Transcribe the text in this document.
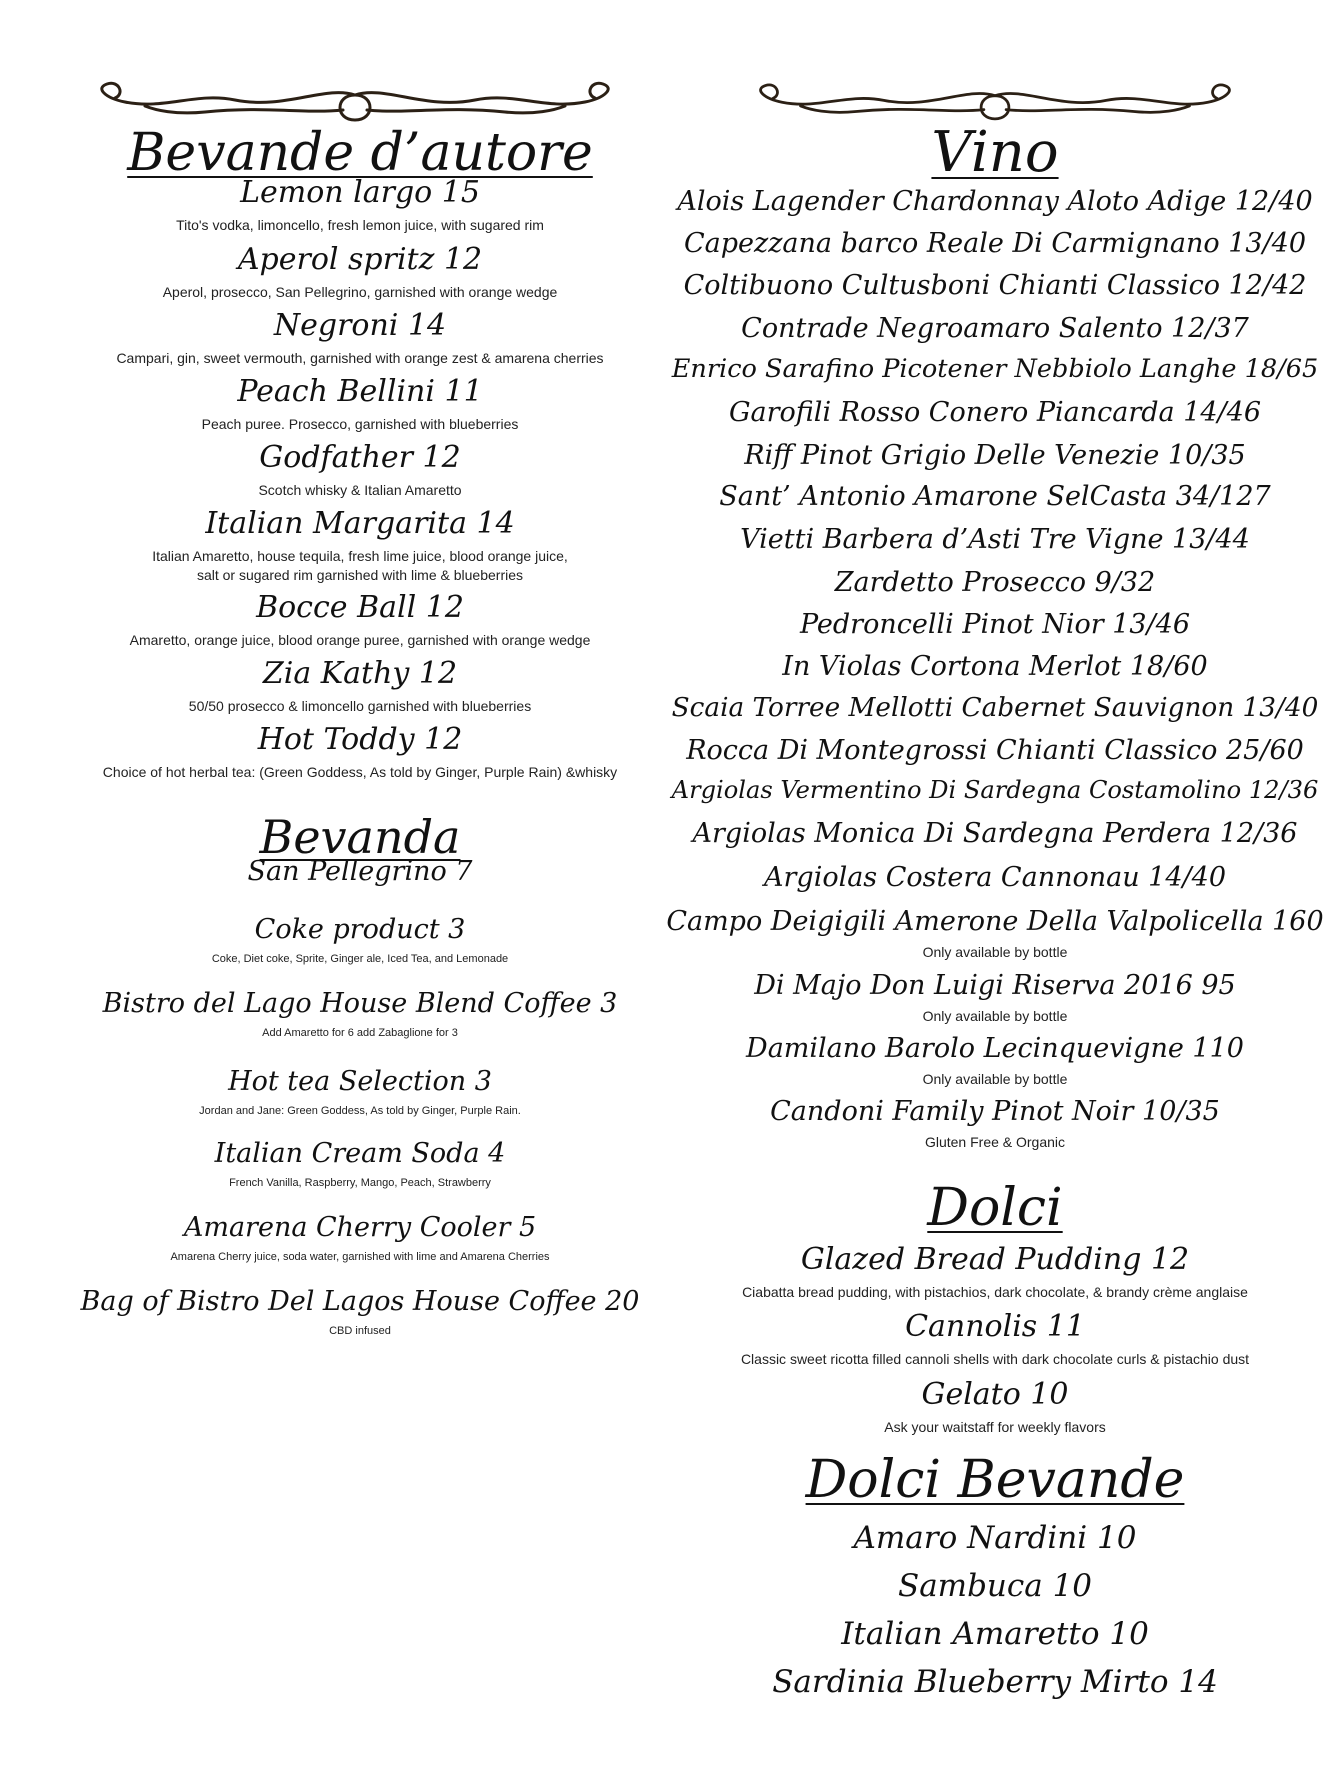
Bevande d’autore
Lemon largo 15
Tito's vodka, limoncello, fresh lemon juice, with sugared rim
Aperol spritz 12
Aperol, prosecco, San Pellegrino, garnished with orange wedge
Negroni 14
Campari, gin, sweet vermouth, garnished with orange zest & amarena cherries
Peach Bellini 11
Peach puree. Prosecco, garnished with blueberries
Godfather 12
Scotch whisky & Italian Amaretto
Italian Margarita 14
Italian Amaretto, house tequila, fresh lime juice, blood orange juice,
salt or sugared rim garnished with lime & blueberries
Bocce Ball 12
Amaretto, orange juice, blood orange puree, garnished with orange wedge
Zia Kathy 12
50/50 prosecco & limoncello garnished with blueberries
Hot Toddy 12
Choice of hot herbal tea: (Green Goddess, As told by Ginger, Purple Rain) &whisky
Bevanda
San Pellegrino 7
Coke product 3
Coke, Diet coke, Sprite, Ginger ale, Iced Tea, and Lemonade
Bistro del Lago House Blend Coffee 3
Add Amaretto for 6 add Zabaglione for 3
Hot tea Selection 3
Jordan and Jane: Green Goddess, As told by Ginger, Purple Rain.
Italian Cream Soda 4
French Vanilla, Raspberry, Mango, Peach, Strawberry
Amarena Cherry Cooler 5
Amarena Cherry juice, soda water, garnished with lime and Amarena Cherries
Bag of Bistro Del Lagos House Coffee 20
CBD infused
Vino
Alois Lagender Chardonnay Aloto Adige 12/40
Capezzana barco Reale Di Carmignano 13/40
Coltibuono Cultusboni Chianti Classico 12/42
Contrade Negroamaro Salento 12/37
Enrico Sarafino Picotener Nebbiolo Langhe 18/65
Garofili Rosso Conero Piancarda 14/46
Riff Pinot Grigio Delle Venezie 10/35
Sant’ Antonio Amarone SelCasta 34/127
Vietti Barbera d’Asti Tre Vigne 13/44
Zardetto Prosecco 9/32
Pedroncelli Pinot Nior 13/46
In Violas Cortona Merlot 18/60
Scaia Torree Mellotti Cabernet Sauvignon 13/40
Rocca Di Montegrossi Chianti Classico 25/60
Argiolas Vermentino Di Sardegna Costamolino 12/36
Argiolas Monica Di Sardegna Perdera 12/36
Argiolas Costera Cannonau 14/40
Campo Deigigili Amerone Della Valpolicella 160
Only available by bottle
Di Majo Don Luigi Riserva 2016 95
Only available by bottle
Damilano Barolo Lecinquevigne 110
Only available by bottle
Candoni Family Pinot Noir 10/35
Gluten Free & Organic
Dolci
Glazed Bread Pudding 12
Ciabatta bread pudding, with pistachios, dark chocolate, & brandy crème anglaise
Cannolis 11
Classic sweet ricotta filled cannoli shells with dark chocolate curls & pistachio dust
Gelato 10
Ask your waitstaff for weekly flavors
Dolci Bevande
Amaro Nardini 10
Sambuca 10
Italian Amaretto 10
Sardinia Blueberry Mirto 14
